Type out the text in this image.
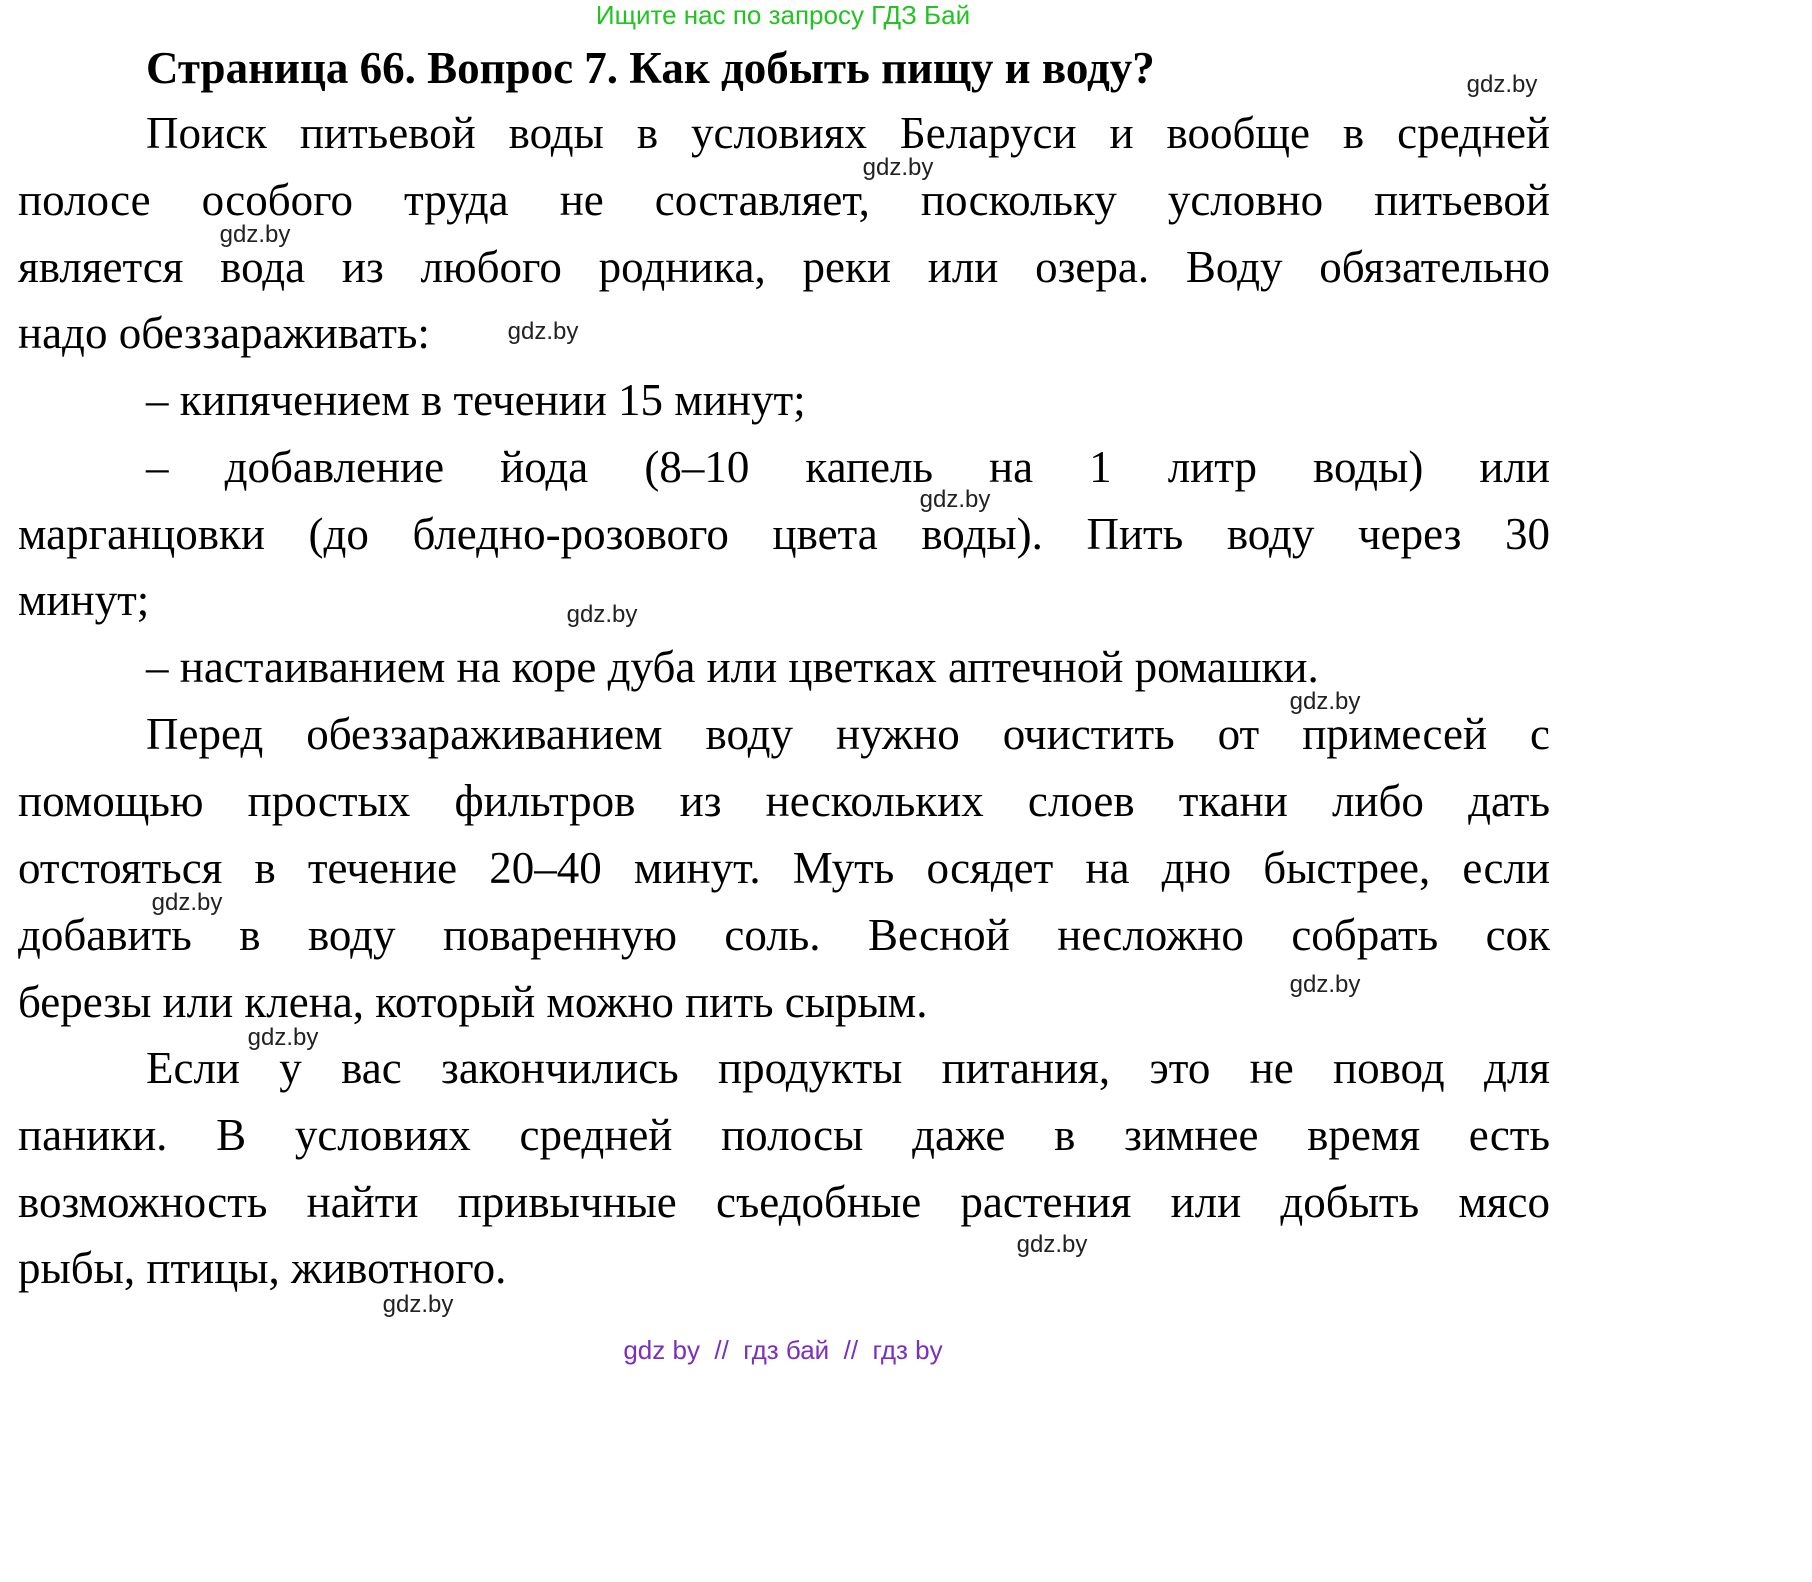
Ищите нас по запросу ГДЗ Бай
Страница 66. Вопрос 7. Как добыть пищу и воду?
Поиск питьевой воды в условиях Беларуси и вообще в средней
полосе особого труда не составляет, поскольку условно питьевой
является вода из любого родника, реки или озера. Воду обязательно
надо обеззараживать:
– кипячением в течении 15 минут;
– добавление йода (8–10 капель на 1 литр воды) или
марганцовки (до бледно-розового цвета воды). Пить воду через 30
минут;
– настаиванием на коре дуба или цветках аптечной ромашки.
Перед обеззараживанием воду нужно очистить от примесей с
помощью простых фильтров из нескольких слоев ткани либо дать
отстояться в течение 20–40 минут. Муть осядет на дно быстрее, если
добавить в воду поваренную соль. Весной несложно собрать сок
березы или клена, который можно пить сырым.
Если у вас закончились продукты питания, это не повод для
паники. В условиях средней полосы даже в зимнее время есть
возможность найти привычные съедобные растения или добыть мясо
рыбы, птицы, животного.
gdz.by
gdz.by
gdz.by
gdz.by
gdz.by
gdz.by
gdz.by
gdz.by
gdz.by
gdz.by
gdz.by
gdz.by
gdz by  //  гдз бай  //  гдз by
